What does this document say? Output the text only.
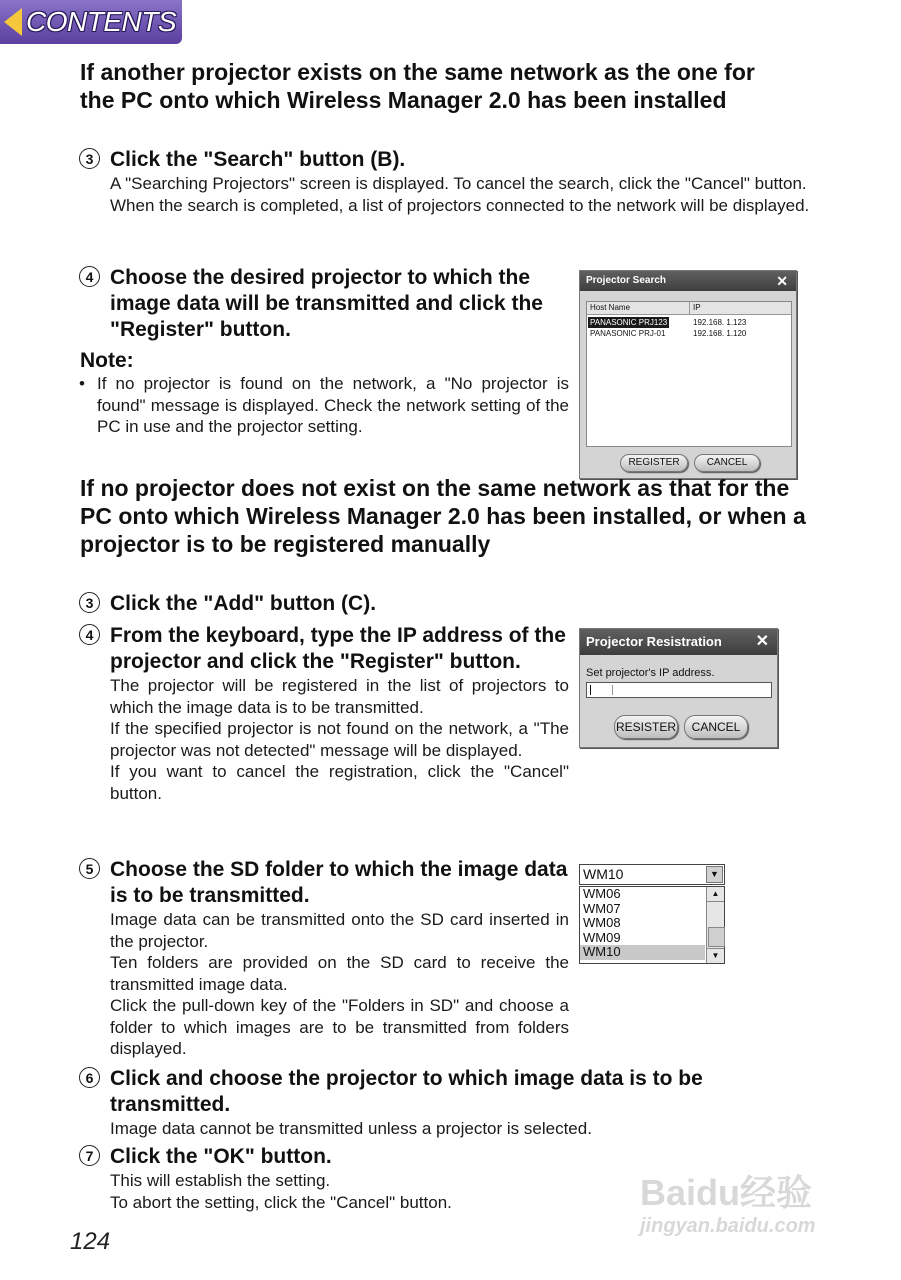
CONTENTS
If another projector exists on the same network as the one for the PC onto which Wireless Manager 2.0 has been installed
3 Click the "Search" button (B).
A "Searching Projectors" screen is displayed. To cancel the search, click the "Cancel" button.
When the search is completed, a list of projectors connected to the network will be displayed.
4 Choose the desired projector to which the image data will be transmitted and click the "Register" button.
Note:
• If no projector is found on the network, a "No projector is found" message is displayed. Check the network setting of the PC in use and the projector setting.
Projector Search	✕
Host Name	IP
PANASONIC PRJ123	192.168. 1.123
PANASONIC PRJ-01	192.168. 1.120
REGISTER	CANCEL
If no projector does not exist on the same network as that for the PC onto which Wireless Manager 2.0 has been installed, or when a projector is to be registered manually
3 Click the "Add" button (C).
4 From the keyboard, type the IP address of the projector and click the "Register" button.
The projector will be registered in the list of projectors to which the image data is to be transmitted.
If the specified projector is not found on the network, a "The projector was not detected" message will be displayed.
If you want to cancel the registration, click the "Cancel" button.
Projector Resistration ✕
Set projector's IP address.
RESISTER	CANCEL
5 Choose the SD folder to which the image data is to be transmitted.
Image data can be transmitted onto the SD card inserted in the projector.
Ten folders are provided on the SD card to receive the transmitted image data.
Click the pull-down key of the "Folders in SD" and choose a folder to which images are to be transmitted from folders displayed.
WM10	▼
WM06
WM07
WM08
WM09
WM10
▲
▼
6 Click and choose the projector to which image data is to be transmitted.
Image data cannot be transmitted unless a projector is selected.
7 Click the "OK" button.
This will establish the setting.
To abort the setting, click the "Cancel" button.	Baidu经验
jingyan.baidu.com
124
